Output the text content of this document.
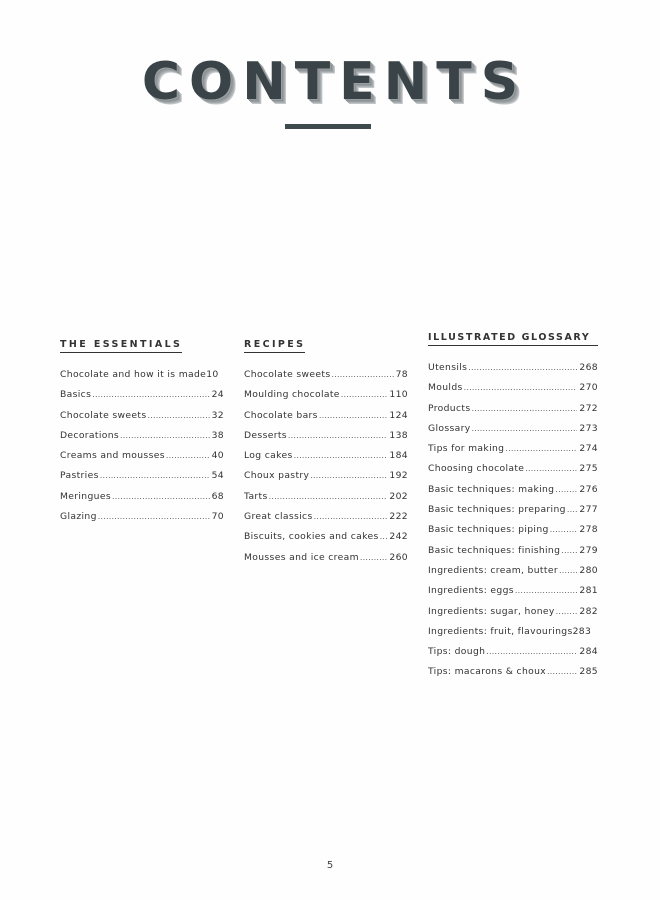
CONTENTS
THE ESSENTIALS
Chocolate and how it is made 10
Basics .....	24
Chocolate sweets .....	32
Decorations .....	38
Creams and mousses .....	40
Pastries .....	54
Meringues .....	68
Glazing .....	70
RECIPES
Chocolate sweets .....	78
Moulding chocolate .....	110
Chocolate bars .....	124
Desserts .....	138
Log cakes .....	184
Choux pastry .....	192
Tarts .....	202
Great classics .....	222
Biscuits, cookies and cakes ..... 242
Mousses and ice cream .....	260
ILLUSTRATED GLOSSARY
Utensils .....	268
Moulds .....	270
Products .....	272
Glossary .....	273
Tips for making .....	274
Choosing chocolate .....	275
Basic techniques: making .....	276
Basic techniques: preparing ..... 277
Basic techniques: piping .....	278
Basic techniques: finishing ..... 279
Ingredients: cream, butter ..... 280
Ingredients: eggs .....	281
Ingredients: sugar, honey .....	282
Ingredients: fruit, flavourings 283
Tips: dough .....	284
Tips: macarons & choux .....	285
5
